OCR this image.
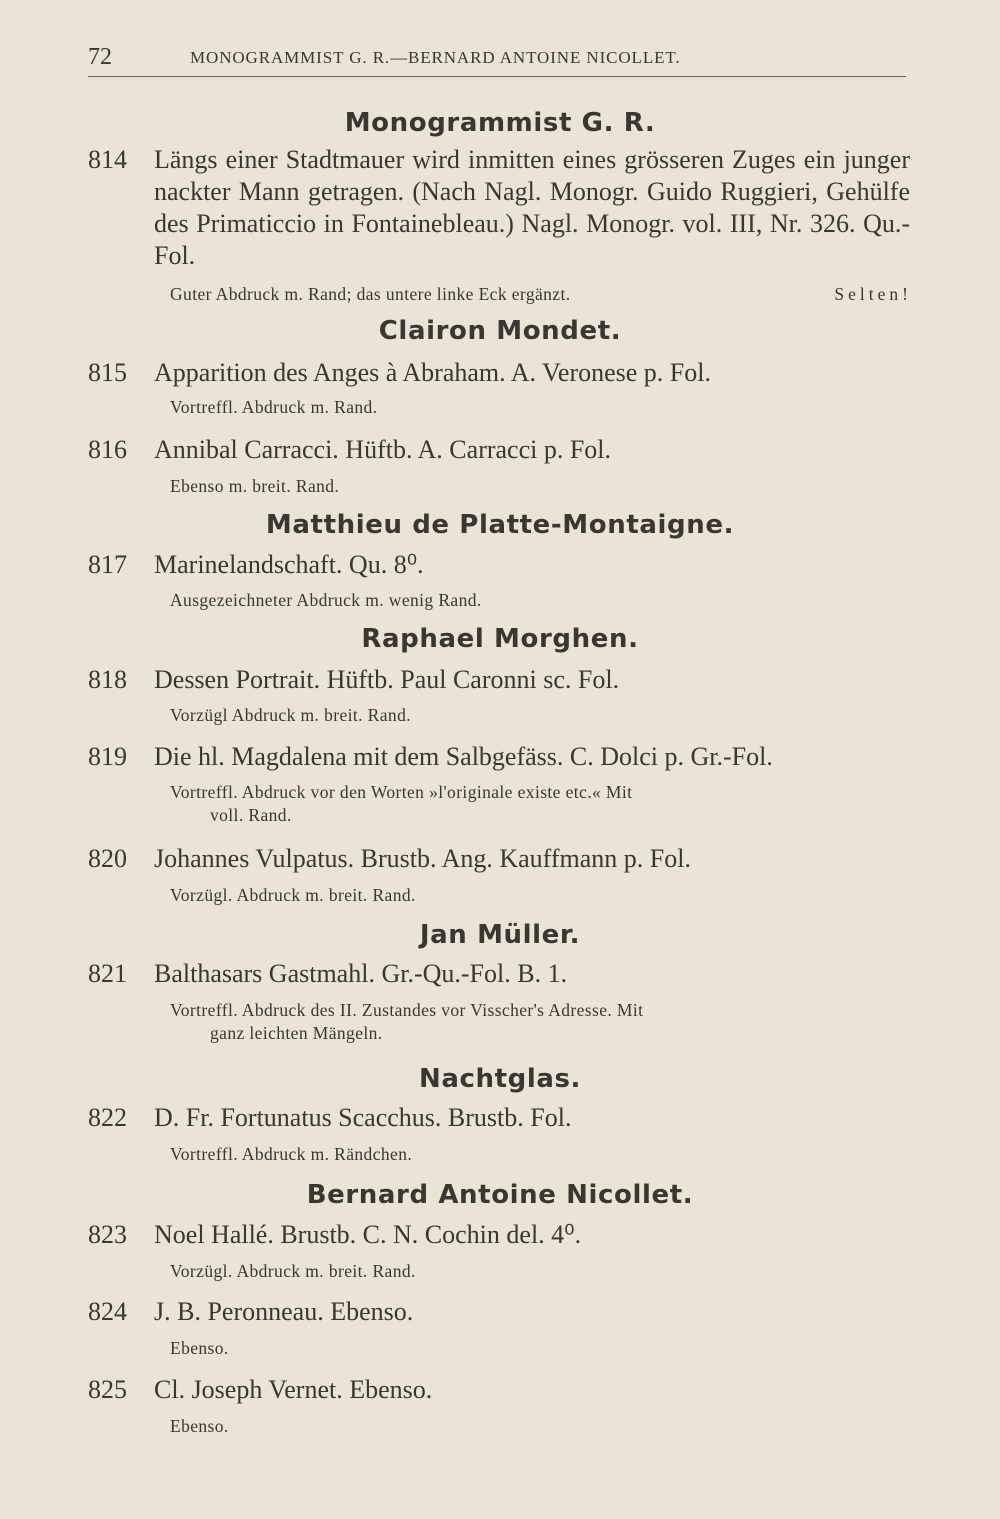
72	MONOGRAMMIST G. R.—BERNARD ANTOINE NICOLLET.
Monogrammist G. R.
814	Längs einer Stadtmauer wird inmitten eines grösseren Zuges ein junger nackter Mann getragen. (Nach Nagl. Monogr. Guido Ruggieri, Gehülfe des Primaticcio in Fontainebleau.) Nagl. Monogr. vol. III, Nr. 326. Qu.-Fol.
Guter Abdruck m. Rand; das untere linke Eck ergänzt.	Selten!
Clairon Mondet.
815	Apparition des Anges à Abraham. A. Veronese p. Fol.
Vortreffl. Abdruck m. Rand.
816	Annibal Carracci. Hüftb. A. Carracci p. Fol.
Ebenso m. breit. Rand.
Matthieu de Platte-Montaigne.
817	Marinelandschaft. Qu. 8⁰.
Ausgezeichneter Abdruck m. wenig Rand.
Raphael Morghen.
818	Dessen Portrait. Hüftb. Paul Caronni sc. Fol.
Vorzügl Abdruck m. breit. Rand.
819	Die hl. Magdalena mit dem Salbgefäss. C. Dolci p. Gr.-Fol.
Vortreffl. Abdruck vor den Worten »l'originale existe etc.« Mit
voll. Rand.
820	Johannes Vulpatus. Brustb. Ang. Kauffmann p. Fol.
Vorzügl. Abdruck m. breit. Rand.
Jan Müller.
821	Balthasars Gastmahl. Gr.-Qu.-Fol. B. 1.
Vortreffl. Abdruck des II. Zustandes vor Visscher's Adresse. Mit
ganz leichten Mängeln.
Nachtglas.
822	D. Fr. Fortunatus Scacchus. Brustb. Fol.
Vortreffl. Abdruck m. Rändchen.
Bernard Antoine Nicollet.
823	Noel Hallé. Brustb. C. N. Cochin del. 4⁰.
Vorzügl. Abdruck m. breit. Rand.
824	J. B. Peronneau. Ebenso.
Ebenso.
825	Cl. Joseph Vernet. Ebenso.
Ebenso.
